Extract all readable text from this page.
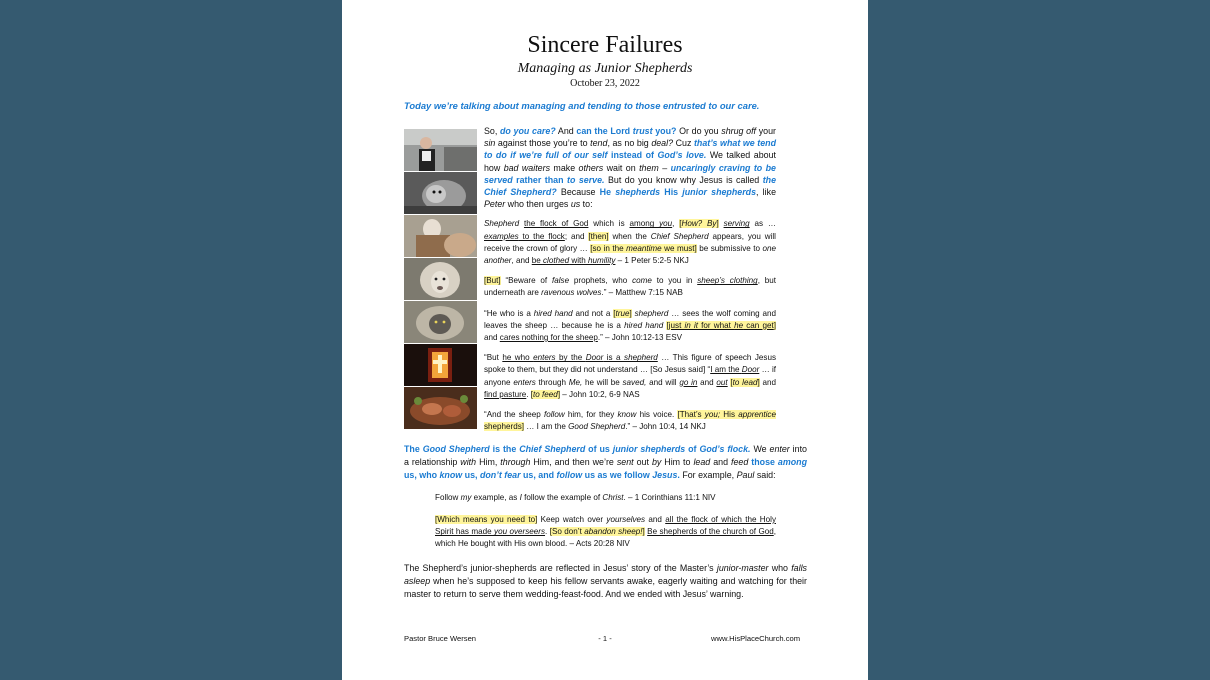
Sincere Failures
Managing as Junior Shepherds
October 23, 2022
Today we’re talking about managing and tending to those entrusted to our care.

So, do you care? And can the Lord trust you? Or do you shrug off your sin against those you’re to tend, as no big deal? Cuz that’s what we tend to do if we’re full of our self instead of God’s love. We talked about how bad waiters make others wait on them – uncaringly craving to be served rather than to serve. But do you know why Jesus is called the Chief Shepherd? Because He shepherds His junior shepherds, like Peter who then urges us to:

Shepherd the flock of God which is among you, [How? By] serving as … examples to the flock; and [then] when the Chief Shepherd appears, you will receive the crown of glory … [so in the meantime we must] be submissive to one another, and be clothed with humility – 1 Peter 5:2-5 NKJ

[But] “Beware of false prophets, who come to you in sheep’s clothing, but underneath are ravenous wolves.” – Matthew 7:15 NAB

“He who is a hired hand and not a [true] shepherd … sees the wolf coming and leaves the sheep … because he is a hired hand [just in it for what he can get] and cares nothing for the sheep.” – John 10:12-13 ESV

“But he who enters by the Door is a shepherd … This figure of speech Jesus spoke to them, but they did not understand … [So Jesus said] “I am the Door … if anyone enters through Me, he will be saved, and will go in and out [to lead] and find pasture. [to feed] – John 10:2, 6-9 NAS

“And the sheep follow him, for they know his voice. [That’s you; His apprentice shepherds] … I am the Good Shepherd.” – John 10:4, 14 NKJ

The Good Shepherd is the Chief Shepherd of us junior shepherds of God’s flock. We enter into a relationship with Him, through Him, and then we’re sent out by Him to lead and feed those among us, who know us, don’t fear us, and follow us as we follow Jesus. For example, Paul said:
Follow my example, as I follow the example of Christ. – 1 Corinthians 11:1 NIV
[Which means you need to] Keep watch over yourselves and all the flock of which the Holy Spirit has made you overseers. [So don’t abandon sheep!] Be shepherds of the church of God, which He bought with His own blood. – Acts 20:28 NIV
The Shepherd’s junior-shepherds are reflected in Jesus’ story of the Master’s junior-master who falls asleep when he’s supposed to keep his fellow servants awake, eagerly waiting and watching for their master to return to serve them wedding-feast-food. And we ended with Jesus’ warning.
Pastor Bruce Wersen	- 1 -	www.HisPlaceChurch.com
